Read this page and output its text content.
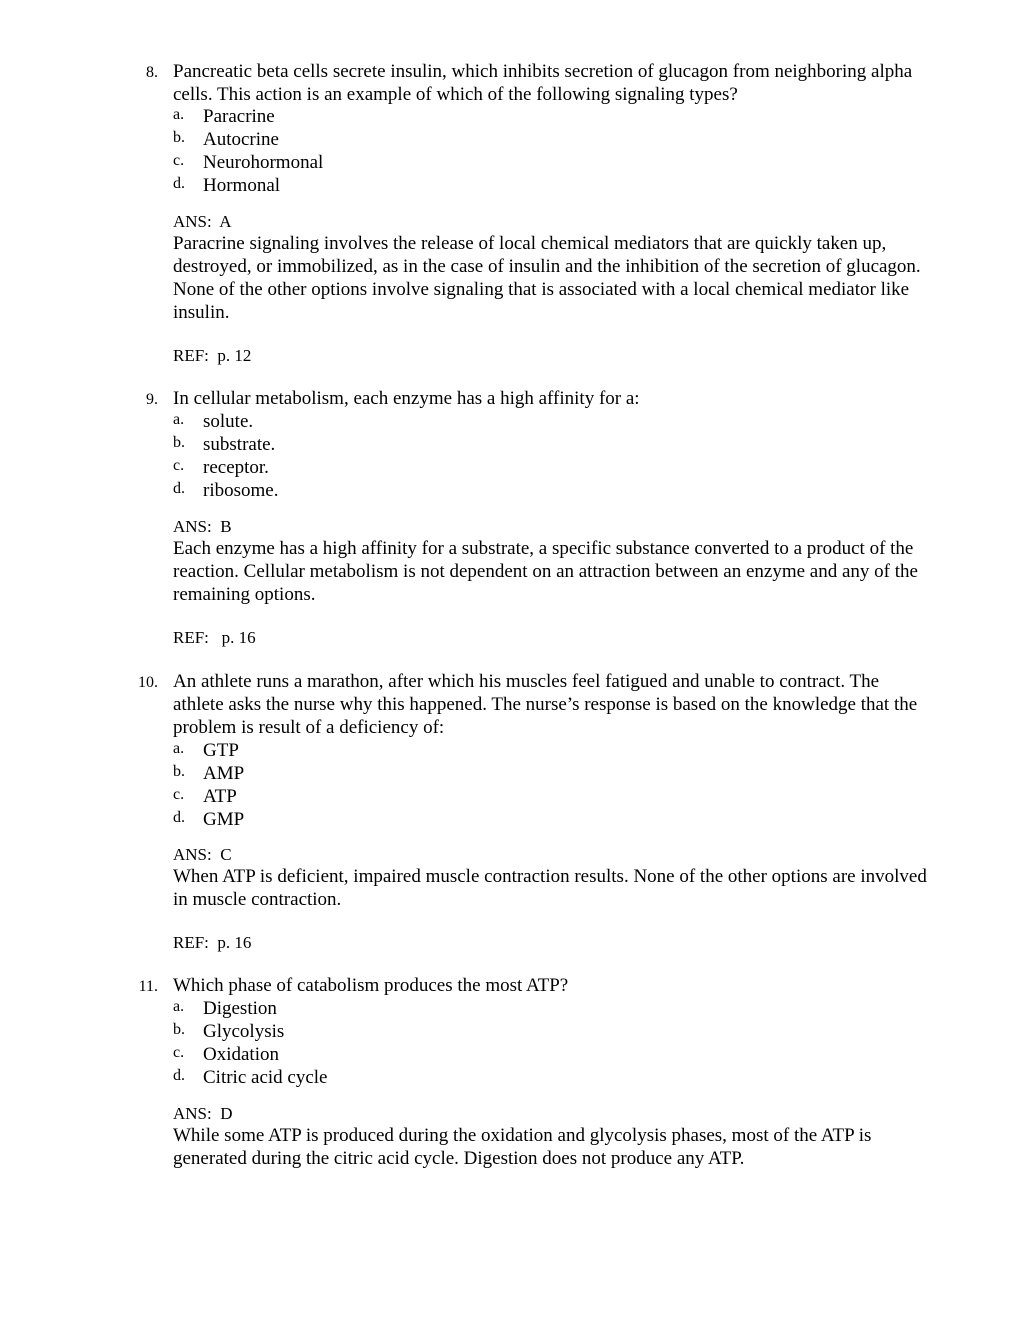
8. Pancreatic beta cells secrete insulin, which inhibits secretion of glucagon from neighboring alpha cells. This action is an example of which of the following signaling types?

a. Paracrine
b. Autocrine
c. Neurohormonal
d. Hormonal
ANS:  A

Paracrine signaling involves the release of local chemical mediators that are quickly taken up, destroyed, or immobilized, as in the case of insulin and the inhibition of the secretion of glucagon. None of the other options involve signaling that is associated with a local chemical mediator like insulin.

REF:  p. 12
9. In cellular metabolism, each enzyme has a high affinity for a:

a. solute.
b. substrate.
c. receptor.
d. ribosome.
ANS:  B

Each enzyme has a high affinity for a substrate, a specific substance converted to a product of the reaction. Cellular metabolism is not dependent on an attraction between an enzyme and any of the remaining options.

REF:   p. 16
10. An athlete runs a marathon, after which his muscles feel fatigued and unable to contract. The athlete asks the nurse why this happened. The nurse’s response is based on the knowledge that the problem is result of a deficiency of:

a. GTP
b. AMP
c. ATP
d. GMP
ANS:  C

When ATP is deficient, impaired muscle contraction results. None of the other options are involved in muscle contraction.

REF:  p. 16
11. Which phase of catabolism produces the most ATP?

a. Digestion
b. Glycolysis
c. Oxidation
d. Citric acid cycle
ANS:  D

While some ATP is produced during the oxidation and glycolysis phases, most of the ATP is generated during the citric acid cycle. Digestion does not produce any ATP.
